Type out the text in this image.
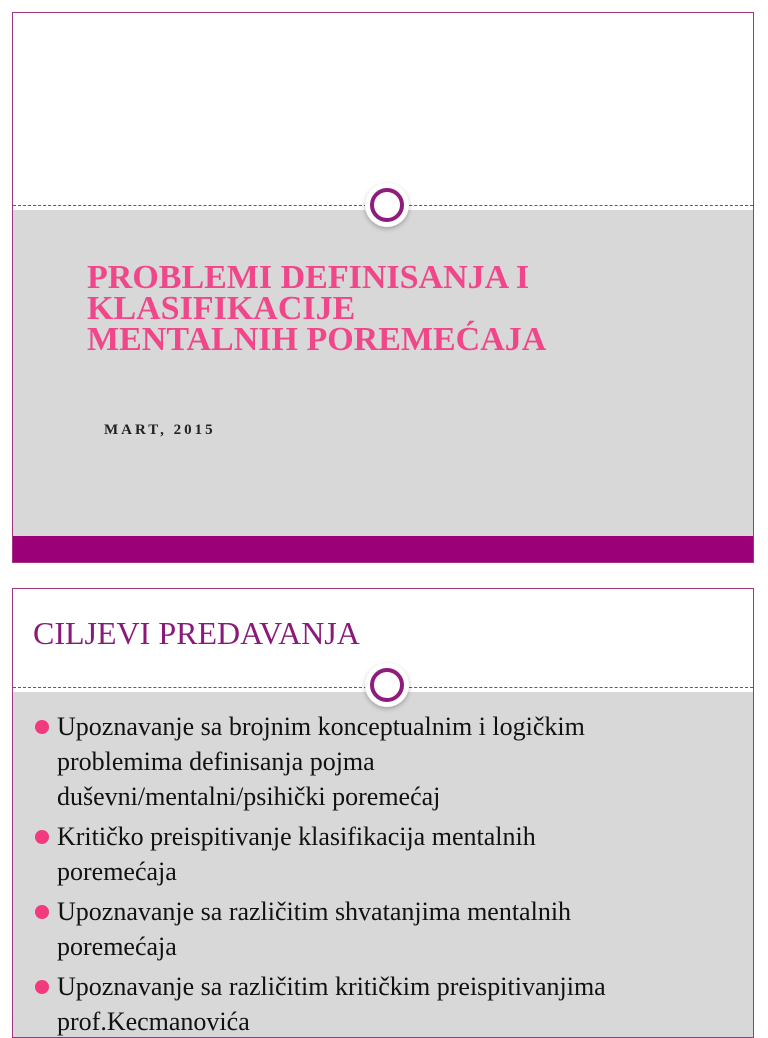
PROBLEMI DEFINISANJA I
KLASIFIKACIJE
MENTALNIH POREMEĆAJA
MART, 2015
CILJEVI PREDAVANJA
Upoznavanje sa brojnim konceptualnim i logičkim
problemima definisanja pojma
duševni/mentalni/psihički poremećaj
Kritičko preispitivanje klasifikacija mentalnih
poremećaja
Upoznavanje sa različitim shvatanjima mentalnih
poremećaja
Upoznavanje sa različitim kritičkim preispitivanjima
prof.Kecmanovića
